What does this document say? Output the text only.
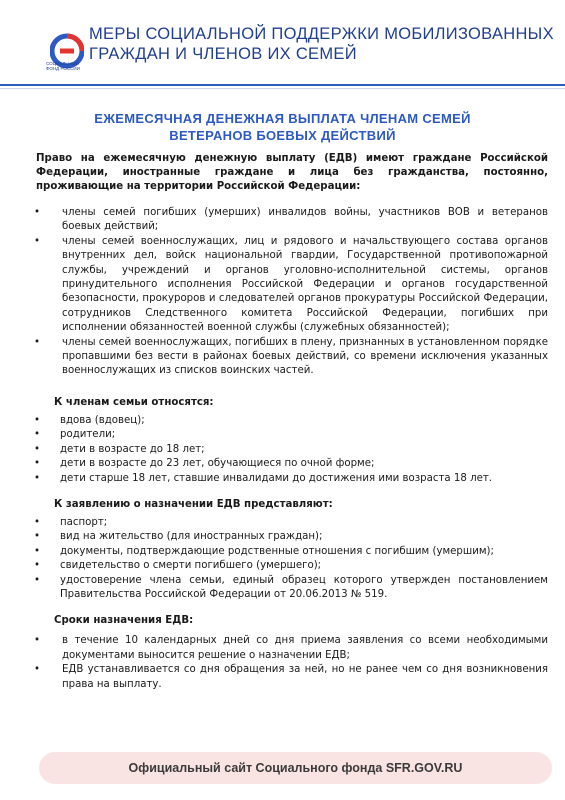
СОЦИАЛЬНЫЙ
ФОНД РОССИИ
МЕРЫ СОЦИАЛЬНОЙ ПОДДЕРЖКИ МОБИЛИЗОВАННЫХ
ГРАЖДАН И ЧЛЕНОВ ИХ СЕМЕЙ
ЕЖЕМЕСЯЧНАЯ ДЕНЕЖНАЯ ВЫПЛАТА ЧЛЕНАМ СЕМЕЙ
ВЕТЕРАНОВ БОЕВЫХ ДЕЙСТВИЙ

Право на ежемесячную денежную выплату (ЕДВ) имеют граждане Российской Федерации, иностранные граждане и лица без гражданства, постоянно, проживающие на территории Российской Федерации:

• члены семей погибших (умерших) инвалидов войны, участников ВОВ и ветеранов боевых действий;
• члены семей военнослужащих, лиц и рядового и начальствующего состава органов внутренних дел, войск национальной гвардии, Государственной противопожарной службы, учреждений и органов уголовно-исполнительной системы, органов принудительного исполнения Российской Федерации и органов государственной безопасности, прокуроров и следователей органов прокуратуры Российской Федерации, сотрудников Следственного комитета Российской Федерации, погибших при исполнении обязанностей военной службы (служебных обязанностей);
• члены семей военнослужащих, погибших в плену, признанных в установленном порядке пропавшими без вести в районах боевых действий, со времени исключения указанных военнослужащих из списков воинских частей.

К членам семьи относятся:

• вдова (вдовец);
• родители;
• дети в возрасте до 18 лет;
• дети в возрасте до 23 лет, обучающиеся по очной форме;
• дети старше 18 лет, ставшие инвалидами до достижения ими возраста 18 лет.

К заявлению о назначении ЕДВ представляют:

• паспорт;
• вид на жительство (для иностранных граждан);
• документы, подтверждающие родственные отношения с погибшим (умершим);
• свидетельство о смерти погибшего (умершего);
• удостоверение члена семьи, единый образец которого утвержден постановлением Правительства Российской Федерации от 20.06.2013 № 519.

Сроки назначения ЕДВ:

• в течение 10 календарных дней со дня приема заявления со всеми необходимыми документами выносится решение о назначении ЕДВ;
• ЕДВ устанавливается со дня обращения за ней, но не ранее чем со дня возникновения права на выплату.
Официальный сайт Социального фонда SFR.GOV.RU
